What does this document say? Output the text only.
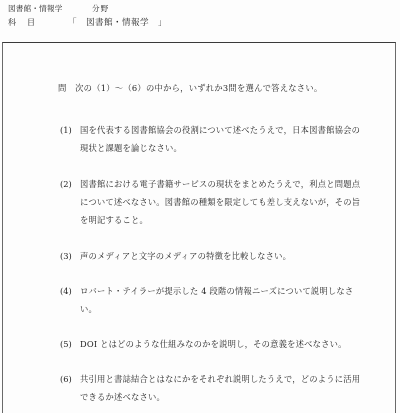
図書館・情報学	分野
科　目	「　図書館・情報学　」
問　次の（1）～（6）の中から，いずれか3問を選んで答えなさい。
(1) 国を代表する図書館協会の役割について述べたうえで，日本図書館協会の
現状と課題を論じなさい。
(2) 図書館における電子書籍サービスの現状をまとめたうえで，利点と問題点
について述べなさい。図書館の種類を限定しても差し支えないが，その旨
を明記すること。
(3) 声のメディアと文字のメディアの特徴を比較しなさい。
(4) ロバート・テイラーが提示した 4 段階の情報ニーズについて説明しなさ
い。
(5) DOI とはどのような仕組みなのかを説明し，その意義を述べなさい。
(6) 共引用と書誌結合とはなにかをそれぞれ説明したうえで，どのように活用
できるか述べなさい。
